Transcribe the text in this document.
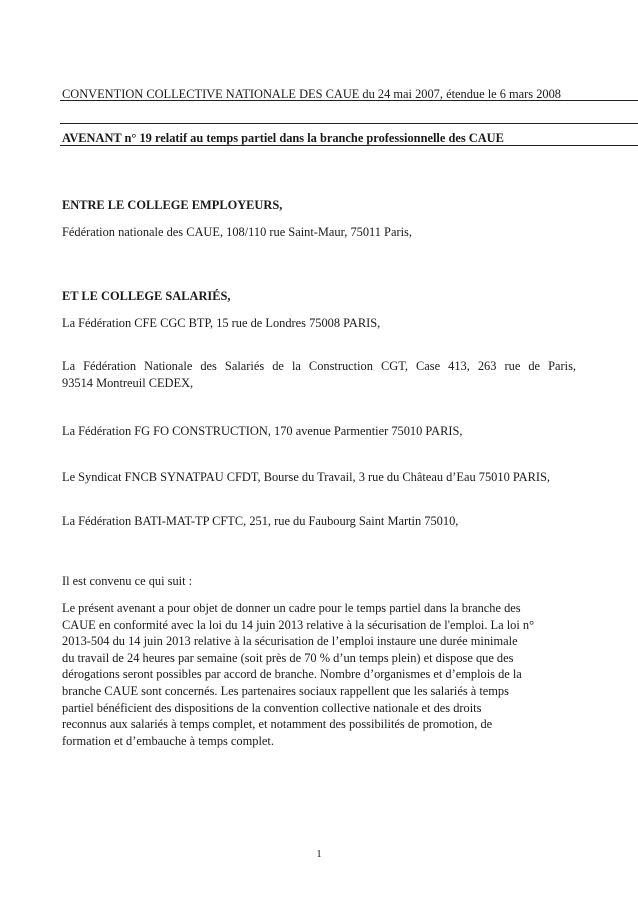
CONVENTION COLLECTIVE NATIONALE DES CAUE du 24 mai 2007, étendue le 6 mars 2008
AVENANT n° 19 relatif au temps partiel dans la branche professionnelle des CAUE
ENTRE LE COLLEGE EMPLOYEURS,
Fédération nationale des CAUE, 108/110 rue Saint-Maur, 75011 Paris,
ET LE COLLEGE SALARIÉS,
La Fédération CFE CGC BTP, 15 rue de Londres 75008 PARIS,
La Fédération Nationale des Salariés de la Construction CGT, Case 413, 263 rue de Paris,
93514 Montreuil CEDEX,
La Fédération FG FO CONSTRUCTION, 170 avenue Parmentier 75010 PARIS,
Le Syndicat FNCB SYNATPAU CFDT, Bourse du Travail, 3 rue du Château d’Eau 75010 PARIS,
La Fédération BATI-MAT-TP CFTC, 251, rue du Faubourg Saint Martin 75010,
Il est convenu ce qui suit :
Le présent avenant a pour objet de donner un cadre pour le temps partiel dans la branche des
CAUE en conformité avec la loi du 14 juin 2013 relative à la sécurisation de l'emploi. La loi n°
2013-504 du 14 juin 2013 relative à la sécurisation de l’emploi instaure une durée minimale
du travail de 24 heures par semaine (soit près de 70 % d’un temps plein) et dispose que des
dérogations seront possibles par accord de branche. Nombre d’organismes et d’emplois de la
branche CAUE sont concernés. Les partenaires sociaux rappellent que les salariés à temps
partiel bénéficient des dispositions de la convention collective nationale et des droits
reconnus aux salariés à temps complet, et notamment des possibilités de promotion, de
formation et d’embauche à temps complet.
1
